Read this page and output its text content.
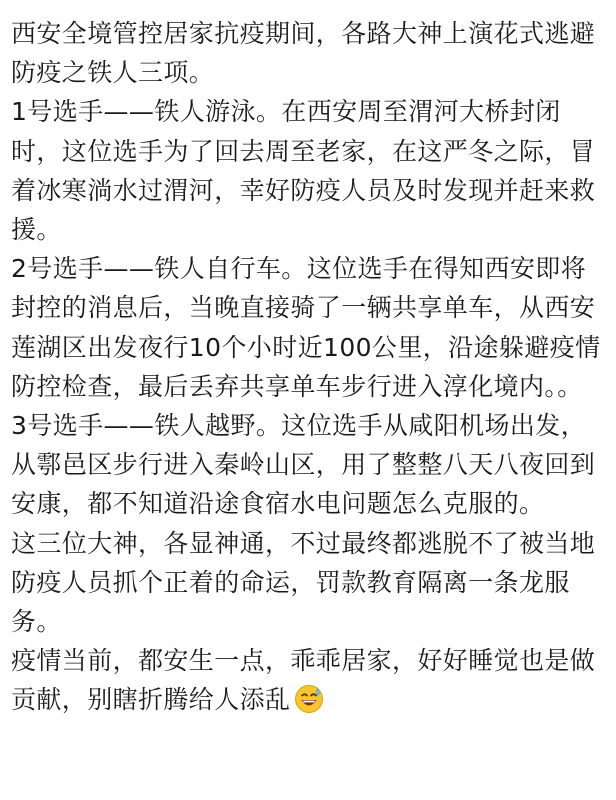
西安全境管控居家抗疫期间，各路大神上演花式逃避防疫之铁人三项。

1号选手——铁人游泳。在西安周至渭河大桥封闭时，这位选手为了回去周至老家，在这严冬之际，冒着冰寒淌水过渭河，幸好防疫人员及时发现并赶来救援。

2号选手——铁人自行车。这位选手在得知西安即将封控的消息后，当晚直接骑了一辆共享单车，从西安莲湖区出发夜行10个小时近100公里，沿途躲避疫情防控检查，最后丢弃共享单车步行进入淳化境内。。

3号选手——铁人越野。这位选手从咸阳机场出发，从鄠邑区步行进入秦岭山区，用了整整八天八夜回到安康，都不知道沿途食宿水电问题怎么克服的。

这三位大神，各显神通，不过最终都逃脱不了被当地防疫人员抓个正着的命运，罚款教育隔离一条龙服务。

疫情当前，都安生一点，乖乖居家，好好睡觉也是做贡献，别瞎折腾给人添乱
